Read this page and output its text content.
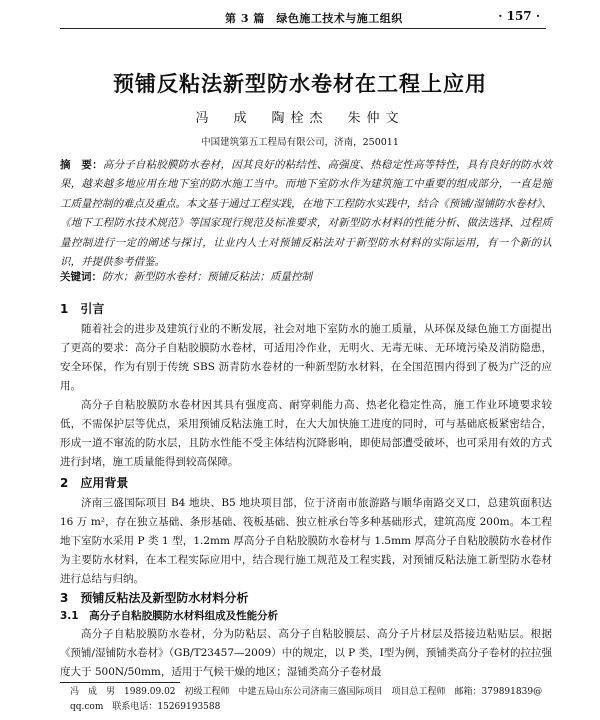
第 3 篇　绿色施工技术与施工组织	· 157 ·
预铺反粘法新型防水卷材在工程上应用
冯　成　陶栓杰　朱仲文
中国建筑第五工程局有限公司，济南，250011
摘　要：高分子自粘胶膜防水卷材，因其良好的粘结性、高强度、热稳定性高等特性，具有良好的防水效果，越来越多地应用在地下室的防水施工当中。而地下室防水作为建筑施工中重要的组成部分，一直是施工质量控制的难点及重点。本文基于通过工程实践，在地下工程防水实践中，结合《预铺/湿铺防水卷材》、《地下工程防水技术规范》等国家现行规范及标准要求，对新型防水材料的性能分析、做法选择、过程质量控制进行一定的阐述与探讨，让业内人士对预铺反粘法对于新型防水材料的实际运用，有一个新的认识，并提供参考借鉴。
关键词：防水；新型防水卷材；预铺反粘法；质量控制
1　引言
随着社会的进步及建筑行业的不断发展，社会对地下室防水的施工质量，从环保及绿色施工方面提出了更高的要求：高分子自粘胶膜防水卷材，可适用冷作业，无明火、无毒无味、无环境污染及消防隐患，安全环保，作为有别于传统 SBS 沥青防水卷材的一种新型防水材料，在全国范围内得到了极为广泛的应用。
高分子自粘胶膜防水卷材因其具有强度高、耐穿刺能力高、热老化稳定性高，施工作业环境要求较低，不需保护层等优点，采用预铺反粘法施工时，在大大加快施工进度的同时，可与基础底板紧密结合，形成一道不窜流的防水层，且防水性能不受主体结构沉降影响，即使局部遭受破坏，也可采用有效的方式进行封堵，施工质量能得到较高保障。
2　应用背景
济南三盛国际项目 B4 地块、B5 地块项目部，位于济南市旅游路与顺华南路交叉口，总建筑面积达 16 万 m²，存在独立基础、条形基础、筏板基础、独立桩承台等多种基础形式，建筑高度 200m。本工程地下室防水采用 P 类 1 型，1.2mm 厚高分子自粘胶膜防水卷材与 1.5mm 厚高分子自粘胶膜防水卷材作为主要防水材料，在本工程实际应用中，结合现行施工规范及工程实践，对预铺反粘法施工新型防水卷材进行总结与归纳。
3　预铺反粘法及新型防水材料分析
3.1　高分子自粘胶膜防水材料组成及性能分析
高分子自粘胶膜防水卷材，分为防粘层、高分子自粘胶膜层、高分子片材层及搭接边粘贴层。根据《预铺/湿铺防水卷材》（GB/T23457—2009）中的规定，以 P 类，Ⅰ型为例，预铺类高分子卷材的拉拉强度大于 500N/50mm，适用于气候干燥的地区；湿铺类高分子卷材最
冯　成　男　1989.09.02　初级工程师　中建五局山东公司济南三盛国际项目　项目总工程师　邮箱：379891839@
qq.com　联系电话：15269193588
